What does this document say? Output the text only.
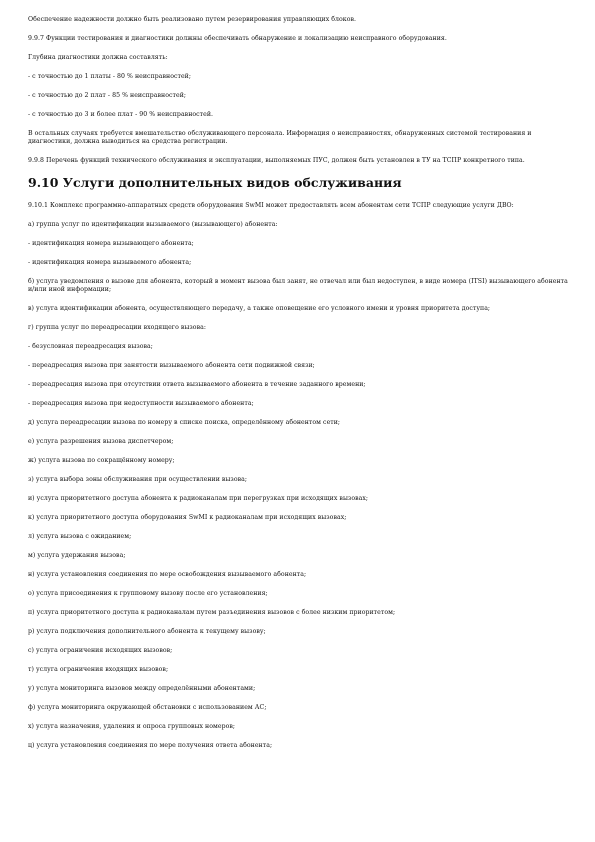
Обеспечение надежности должно быть реализовано путем резервирования управляющих блоков.

9.9.7 Функции тестирования и диагностики должны обеспечивать обнаружение и локализацию неисправного оборудования.

Глубина диагностики должна составлять:

- с точностью до 1 платы - 80 % неисправностей;

- с точностью до 2 плат - 85 % неисправностей;

- с точностью до 3 и более плат - 90 % неисправностей.

В остальных случаях требуется вмешательство обслуживающего персонала. Информация о неисправностях, обнаруженных системой тестирования и диагностики, должна выводиться на средства регистрации.

9.9.8 Перечень функций технического обслуживания и эксплуатации, выполняемых ПУС, должен быть установлен в ТУ на ТСПР конкретного типа.

9.10 Услуги дополнительных видов обслуживания

9.10.1 Комплекс программно-аппаратных средств оборудования SwMI может предоставлять всем абонентам сети ТСПР следующие услуги ДВО:

а) группа услуг по идентификации вызываемого (вызывающего) абонента:

- идентификация номера вызывающего абонента;

- идентификация номера вызываемого абонента;

б) услуга уведомления о вызове для абонента, который в момент вызова был занят, не отвечал или был недоступен, в виде номера (ITSI) вызывающего абонента и/или иной информации;

в) услуга идентификации абонента, осуществляющего передачу, а также оповещение его условного имени и уровня приоритета доступа;

г) группа услуг по переадресации входящего вызова:

- безусловная переадресация вызова;

- переадресация вызова при занятости вызываемого абонента сети подвижной связи;

- переадресация вызова при отсутствии ответа вызываемого абонента в течение заданного времени;

- переадресация вызова при недоступности вызываемого абонента;

д) услуга переадресации вызова по номеру в списке поиска, определённому абонентом сети;

е) услуга разрешения вызова диспетчером;

ж) услуга вызова по сокращённому номеру;

з) услуга выбора зоны обслуживания при осуществлении вызова;

и) услуга приоритетного доступа абонента к радиоканалам при перегрузках при исходящих вызовах;

к) услуга приоритетного доступа оборудования SwMI к радиоканалам при исходящих вызовах;

л) услуга вызова с ожиданием;

м) услуга удержания вызова;

н) услуга установления соединения по мере освобождения вызываемого абонента;

о) услуга присоединения к групповому вызову после его установления;

п) услуга приоритетного доступа к радиоканалам путем разъединения вызовов с более низким приоритетом;

р) услуга подключения дополнительного абонента к текущему вызову;

с) услуга ограничения исходящих вызовов;

т) услуга ограничения входящих вызовов;

у) услуга мониторинга вызовов между определёнными абонентами;

ф) услуга мониторинга окружающей обстановки с использованием АС;

х) услуга назначения, удаления и опроса групповых номеров;

ц) услуга установления соединения по мере получения ответа абонента;
